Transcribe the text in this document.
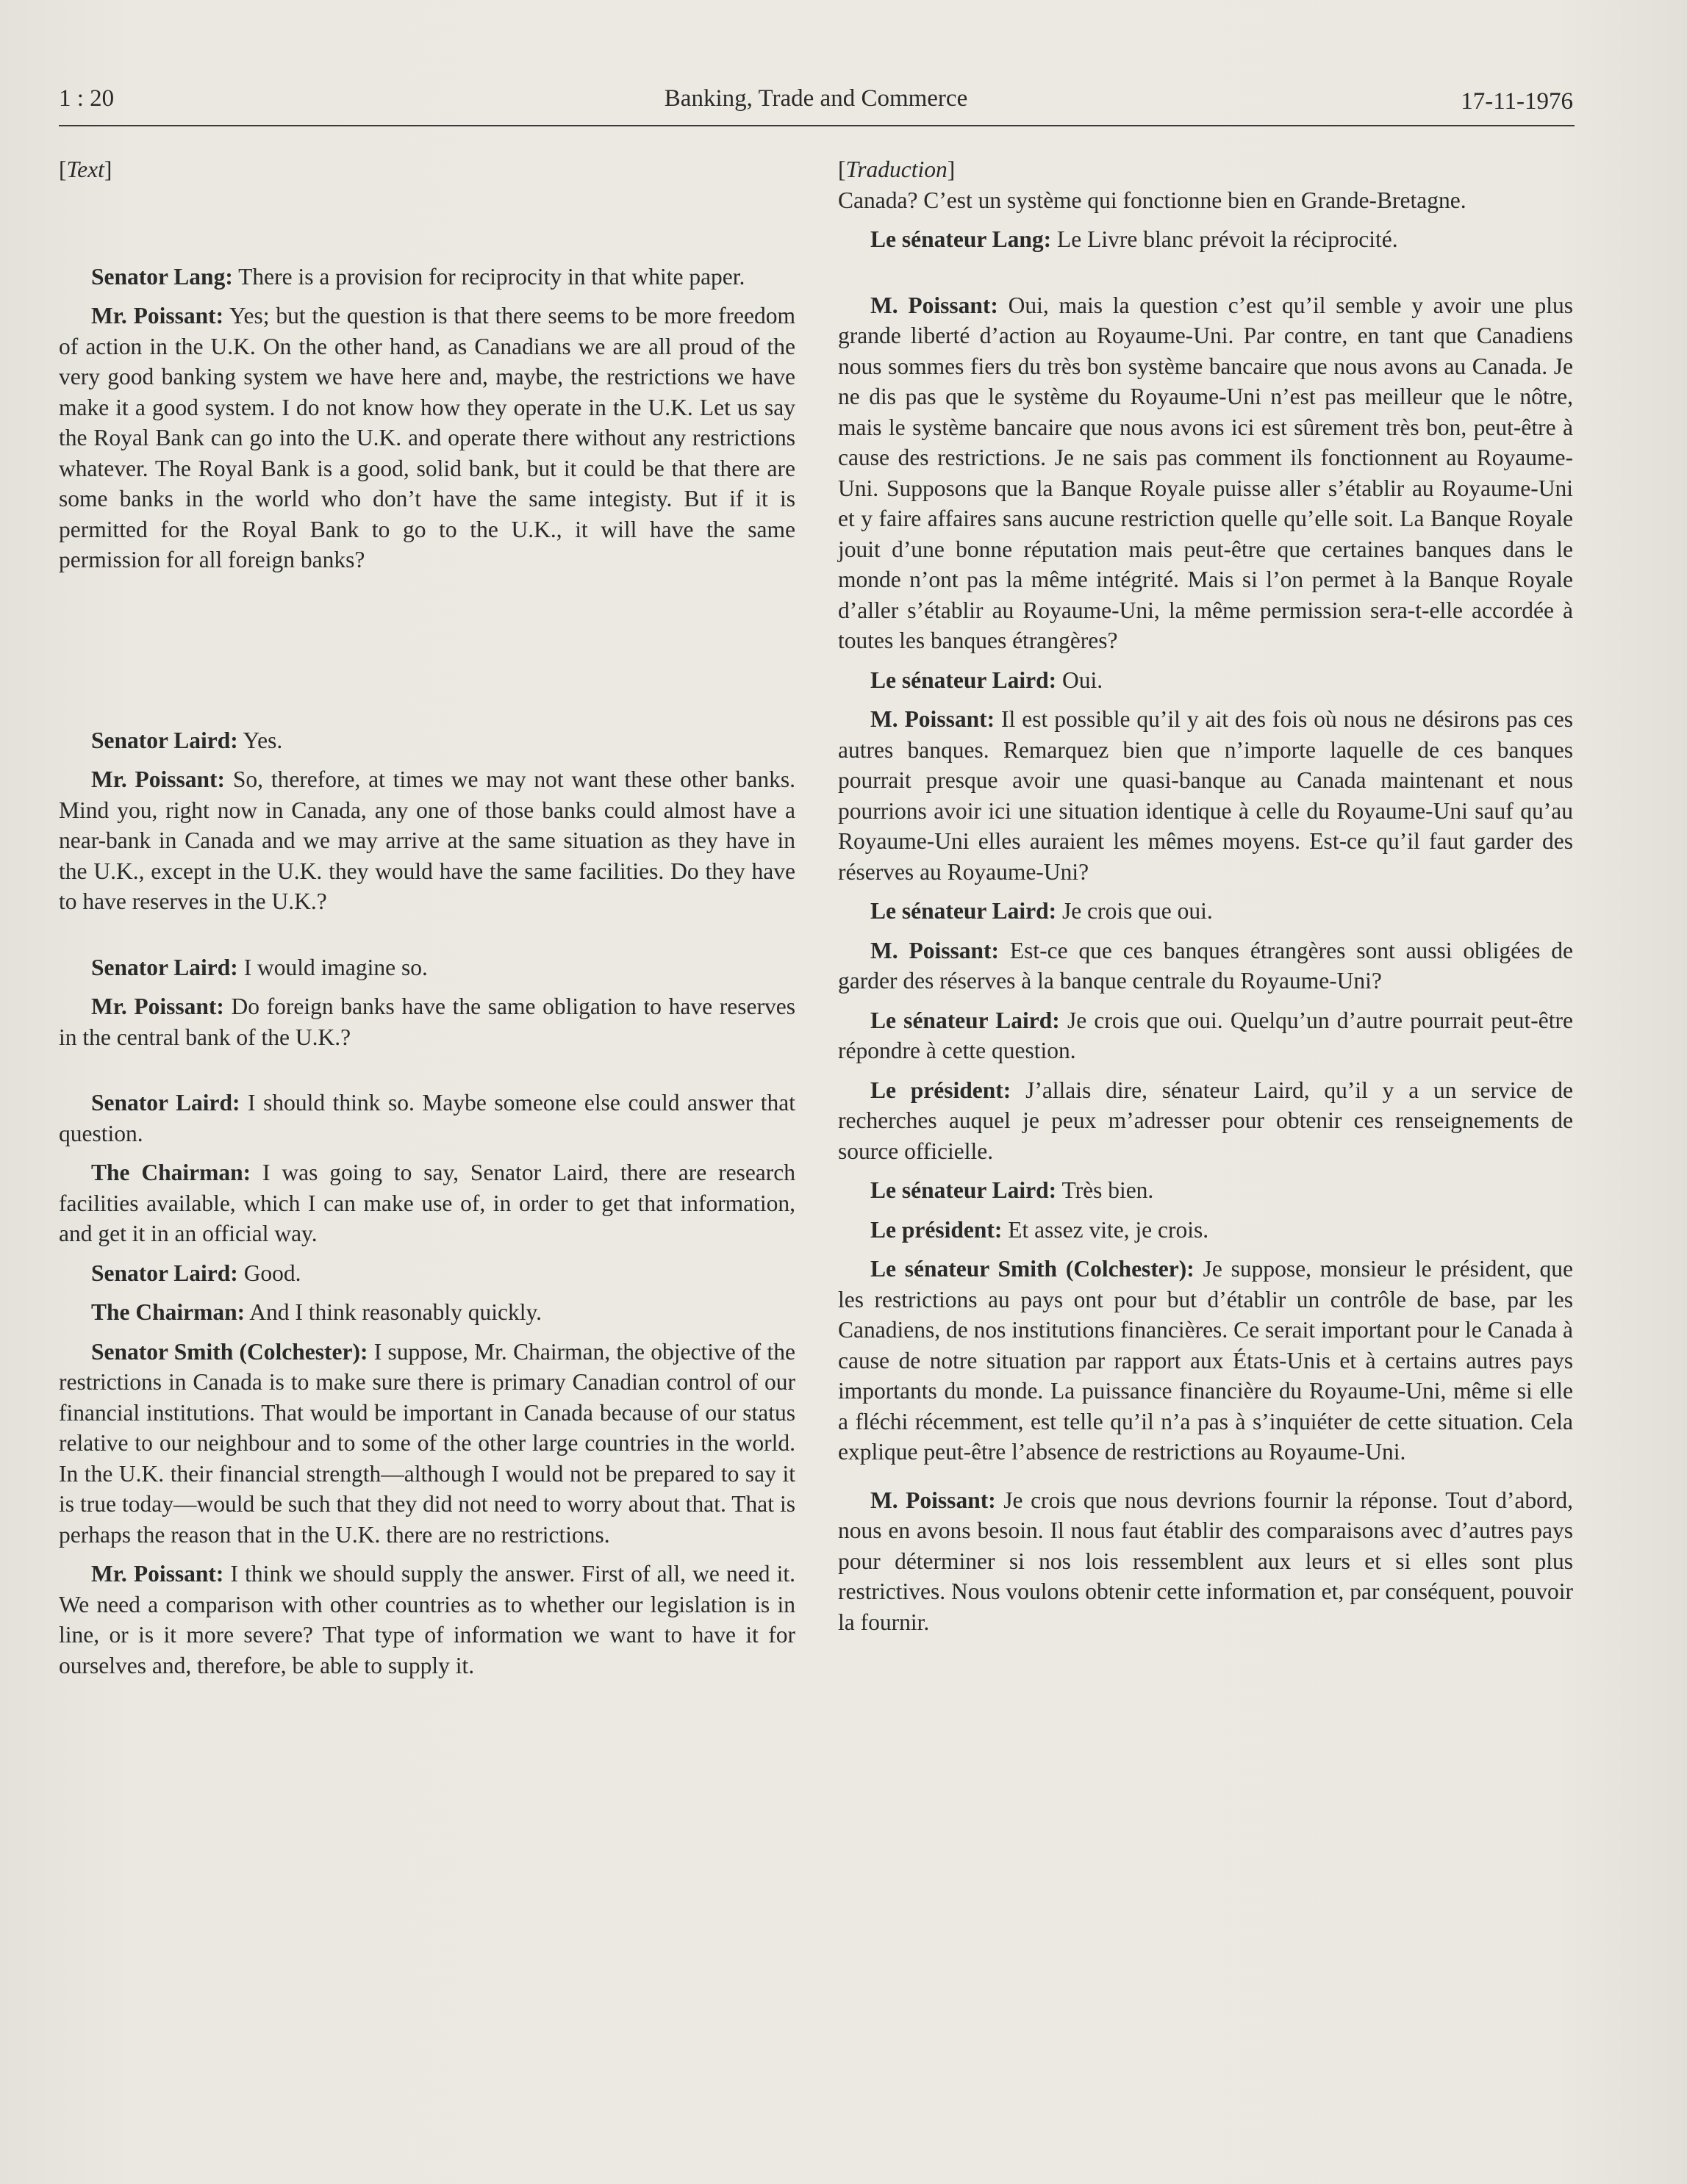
1 : 20	Banking, Trade and Commerce	17-11-1976
[Text]

Senator Lang: There is a provision for reciprocity in that white paper.

Mr. Poissant: Yes; but the question is that there seems to be more freedom of action in the U.K. On the other hand, as Canadians we are all proud of the very good banking system we have here and, maybe, the restrictions we have make it a good system. I do not know how they operate in the U.K. Let us say the Royal Bank can go into the U.K. and operate there without any restrictions whatever. The Royal Bank is a good, solid bank, but it could be that there are some banks in the world who don’t have the same integisty. But if it is permitted for the Royal Bank to go to the U.K., it will have the same permission for all foreign banks?

Senator Laird: Yes.

Mr. Poissant: So, therefore, at times we may not want these other banks. Mind you, right now in Canada, any one of those banks could almost have a near-bank in Canada and we may arrive at the same situation as they have in the U.K., except in the U.K. they would have the same facilities. Do they have to have reserves in the U.K.?

Senator Laird: I would imagine so.

Mr. Poissant: Do foreign banks have the same obligation to have reserves in the central bank of the U.K.?

Senator Laird: I should think so. Maybe someone else could answer that question.

The Chairman: I was going to say, Senator Laird, there are research facilities available, which I can make use of, in order to get that information, and get it in an official way.

Senator Laird: Good.

The Chairman: And I think reasonably quickly.

Senator Smith (Colchester): I suppose, Mr. Chairman, the objective of the restrictions in Canada is to make sure there is primary Canadian control of our financial institutions. That would be important in Canada because of our status relative to our neighbour and to some of the other large countries in the world. In the U.K. their financial strength—although I would not be prepared to say it is true today—would be such that they did not need to worry about that. That is perhaps the reason that in the U.K. there are no restrictions.

Mr. Poissant: I think we should supply the answer. First of all, we need it. We need a comparison with other countries as to whether our legislation is in line, or is it more severe? That type of information we want to have it for ourselves and, therefore, be able to supply it.

[Traduction]

Canada? C’est un système qui fonctionne bien en Grande-Bretagne.

Le sénateur Lang: Le Livre blanc prévoit la réciprocité.

M. Poissant: Oui, mais la question c’est qu’il semble y avoir une plus grande liberté d’action au Royaume-Uni. Par contre, en tant que Canadiens nous sommes fiers du très bon système bancaire que nous avons au Canada. Je ne dis pas que le système du Royaume-Uni n’est pas meilleur que le nôtre, mais le système bancaire que nous avons ici est sûrement très bon, peut-être à cause des restrictions. Je ne sais pas comment ils fonctionnent au Royaume-Uni. Supposons que la Banque Royale puisse aller s’établir au Royaume-Uni et y faire affaires sans aucune restriction quelle qu’elle soit. La Banque Royale jouit d’une bonne réputation mais peut-être que certaines banques dans le monde n’ont pas la même intégrité. Mais si l’on permet à la Banque Royale d’aller s’établir au Royaume-Uni, la même permission sera-t-elle accordée à toutes les banques étrangères?

Le sénateur Laird: Oui.

M. Poissant: Il est possible qu’il y ait des fois où nous ne désirons pas ces autres banques. Remarquez bien que n’importe laquelle de ces banques pourrait presque avoir une quasi-banque au Canada maintenant et nous pourrions avoir ici une situation identique à celle du Royaume-Uni sauf qu’au Royaume-Uni elles auraient les mêmes moyens. Est-ce qu’il faut garder des réserves au Royaume-Uni?

Le sénateur Laird: Je crois que oui.

M. Poissant: Est-ce que ces banques étrangères sont aussi obligées de garder des réserves à la banque centrale du Royaume-Uni?

Le sénateur Laird: Je crois que oui. Quelqu’un d’autre pourrait peut-être répondre à cette question.

Le président: J’allais dire, sénateur Laird, qu’il y a un service de recherches auquel je peux m’adresser pour obtenir ces renseignements de source officielle.

Le sénateur Laird: Très bien.

Le président: Et assez vite, je crois.

Le sénateur Smith (Colchester): Je suppose, monsieur le président, que les restrictions au pays ont pour but d’établir un contrôle de base, par les Canadiens, de nos institutions financières. Ce serait important pour le Canada à cause de notre situation par rapport aux États-Unis et à certains autres pays importants du monde. La puissance financière du Royaume-Uni, même si elle a fléchi récemment, est telle qu’il n’a pas à s’inquiéter de cette situation. Cela explique peut-être l’absence de restrictions au Royaume-Uni.

M. Poissant: Je crois que nous devrions fournir la réponse. Tout d’abord, nous en avons besoin. Il nous faut établir des comparaisons avec d’autres pays pour déterminer si nos lois ressemblent aux leurs et si elles sont plus restrictives. Nous voulons obtenir cette information et, par conséquent, pouvoir la fournir.
